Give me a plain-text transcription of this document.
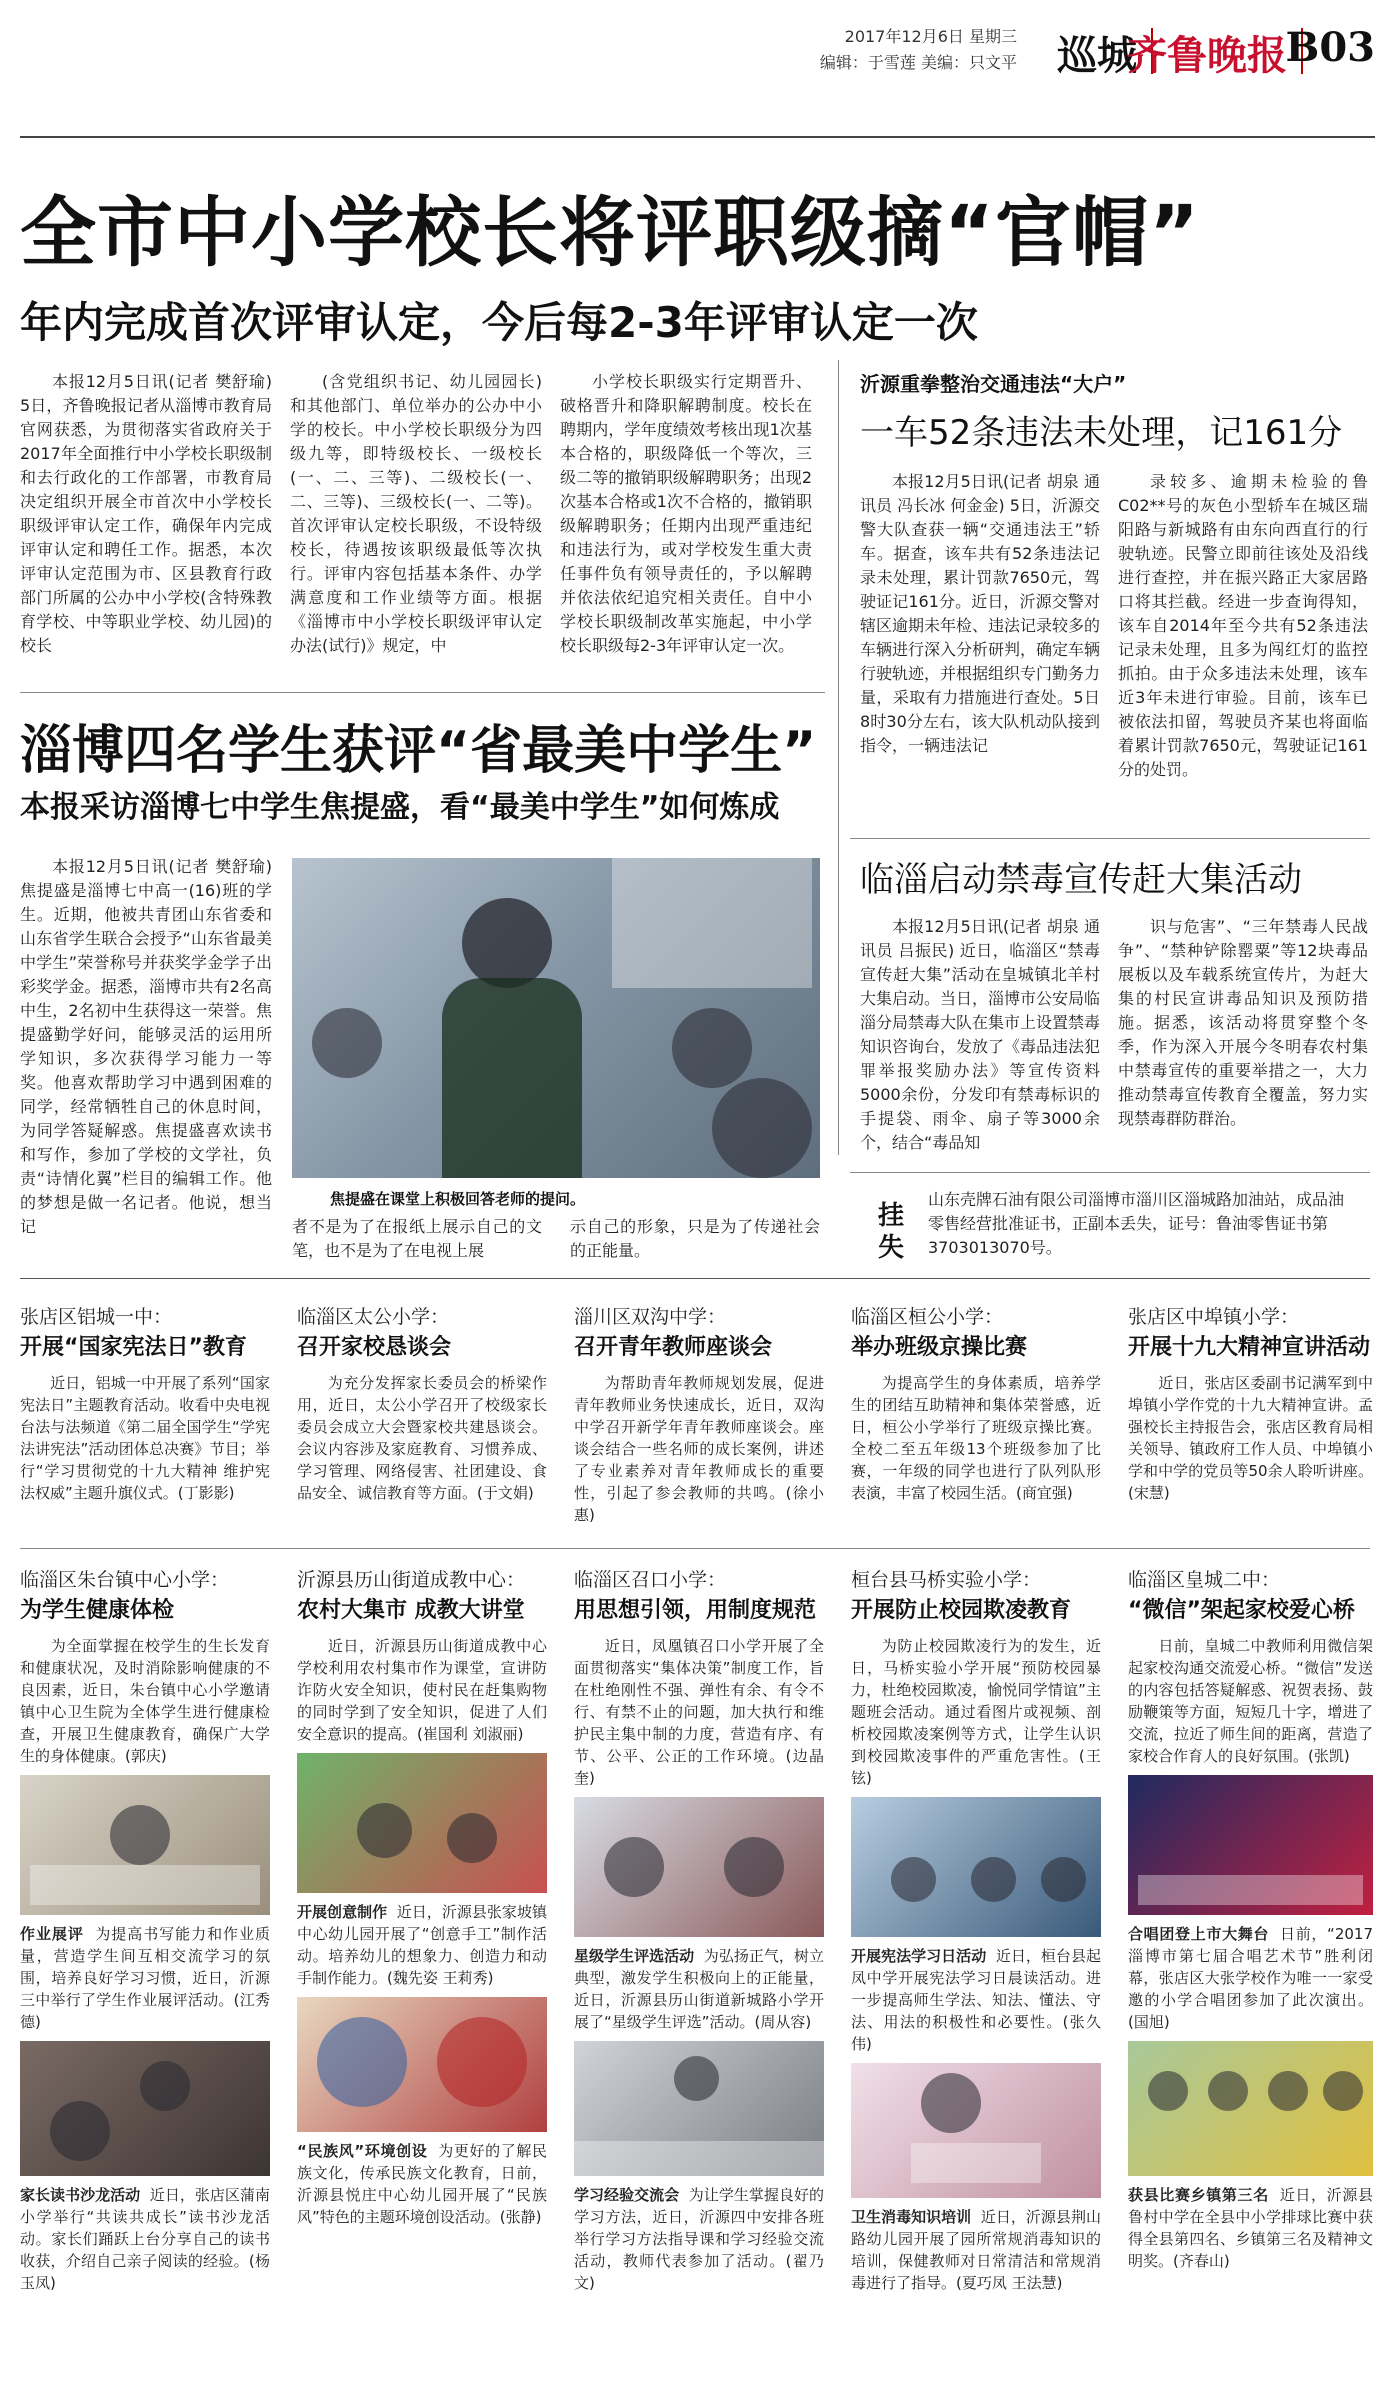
2017年12月6日 星期三
编辑：于雪莲 美编：只文平 巡城
齐鲁晚报
B03
全市中小学校长将评职级摘“官帽”
年内完成首次评审认定，今后每2-3年评审认定一次

本报12月5日讯(记者 樊舒瑜) 5日，齐鲁晚报记者从淄博市教育局官网获悉，为贯彻落实省政府关于2017年全面推行中小学校长职级制和去行政化的工作部署，市教育局决定组织开展全市首次中小学校长职级评审认定工作，确保年内完成评审认定和聘任工作。据悉，本次评审认定范围为市、区县教育行政部门所属的公办中小学校(含特殊教育学校、中等职业学校、幼儿园)的校长

(含党组织书记、幼儿园园长)和其他部门、单位举办的公办中小学的校长。中小学校长职级分为四级九等，即特级校长、一级校长(一、二、三等)、二级校长(一、二、三等)、三级校长(一、二等)。首次评审认定校长职级，不设特级校长，待遇按该职级最低等次执行。评审内容包括基本条件、办学满意度和工作业绩等方面。根据《淄博市中小学校长职级评审认定办法(试行)》规定，中

小学校长职级实行定期晋升、破格晋升和降职解聘制度。校长在聘期内，学年度绩效考核出现1次基本合格的，职级降低一个等次，三级二等的撤销职级解聘职务；出现2次基本合格或1次不合格的，撤销职级解聘职务；任期内出现严重违纪和违法行为，或对学校发生重大责任事件负有领导责任的，予以解聘并依法依纪追究相关责任。自中小学校长职级制改革实施起，中小学校长职级每2-3年评审认定一次。

沂源重拳整治交通违法“大户”
一车52条违法未处理，记161分

本报12月5日讯(记者 胡泉 通讯员 冯长冰 何金金) 5日，沂源交警大队查获一辆“交通违法王”轿车。据查，该车共有52条违法记录未处理，累计罚款7650元，驾驶证记161分。近日，沂源交警对辖区逾期未年检、违法记录较多的车辆进行深入分析研判，确定车辆行驶轨迹，并根据组织专门勤务力量，采取有力措施进行查处。5日8时30分左右，该大队机动队接到指令，一辆违法记

录较多、逾期未检验的鲁C02**号的灰色小型轿车在城区瑞阳路与新城路有由东向西直行的行驶轨迹。民警立即前往该处及沿线进行查控，并在振兴路正大家居路口将其拦截。经进一步查询得知，该车自2014年至今共有52条违法记录未处理，且多为闯红灯的监控抓拍。由于众多违法未处理，该车近3年未进行审验。目前，该车已被依法扣留，驾驶员齐某也将面临着累计罚款7650元，驾驶证记161分的处罚。

淄博四名学生获评“省最美中学生”
本报采访淄博七中学生焦提盛，看“最美中学生”如何炼成

本报12月5日讯(记者 樊舒瑜) 焦提盛是淄博七中高一(16)班的学生。近期，他被共青团山东省委和山东省学生联合会授予“山东省最美中学生”荣誉称号并获奖学金学子出彩奖学金。据悉，淄博市共有2名高中生，2名初中生获得这一荣誉。焦提盛勤学好问，能够灵活的运用所学知识，多次获得学习能力一等奖。他喜欢帮助学习中遇到困难的同学，经常牺牲自己的休息时间，为同学答疑解惑。焦提盛喜欢读书和写作，参加了学校的文学社，负责“诗情化翼”栏目的编辑工作。他的梦想是做一名记者。他说，想当记

焦提盛在课堂上积极回答老师的提问。

者不是为了在报纸上展示自己的文笔，也不是为了在电视上展

示自己的形象，只是为了传递社会的正能量。

临淄启动禁毒宣传赶大集活动

本报12月5日讯(记者 胡泉 通讯员 吕振民) 近日，临淄区“禁毒宣传赶大集”活动在皇城镇北羊村大集启动。当日，淄博市公安局临淄分局禁毒大队在集市上设置禁毒知识咨询台，发放了《毒品违法犯罪举报奖励办法》等宣传资料5000余份，分发印有禁毒标识的手提袋、雨伞、扇子等3000余个，结合“毒品知

识与危害”、“三年禁毒人民战争”、“禁种铲除罂粟”等12块毒品展板以及车载系统宣传片，为赶大集的村民宣讲毒品知识及预防措施。据悉，该活动将贯穿整个冬季，作为深入开展今冬明春农村集中禁毒宣传的重要举措之一，大力推动禁毒宣传教育全覆盖，努力实现禁毒群防群治。

挂失
山东壳牌石油有限公司淄博市淄川区淄城路加油站，成品油零售经营批准证书，正副本丢失，证号：鲁油零售证书第3703013070号。
张店区铝城一中：
开展“国家宪法日”教育
近日，铝城一中开展了系列“国家宪法日”主题教育活动。收看中央电视台法与法频道《第二届全国学生“学宪法讲宪法”活动团体总决赛》节目；举行“学习贯彻党的十九大精神 维护宪法权威”主题升旗仪式。(丁影影)
临淄区太公小学：
召开家校恳谈会
为充分发挥家长委员会的桥梁作用，近日，太公小学召开了校级家长委员会成立大会暨家校共建恳谈会。会议内容涉及家庭教育、习惯养成、学习管理、网络侵害、社团建设、食品安全、诚信教育等方面。(于文娟)
淄川区双沟中学：
召开青年教师座谈会
为帮助青年教师规划发展，促进青年教师业务快速成长，近日，双沟中学召开新学年青年教师座谈会。座谈会结合一些名师的成长案例，讲述了专业素养对青年教师成长的重要性，引起了参会教师的共鸣。(徐小惠)
临淄区桓公小学：
举办班级京操比赛
为提高学生的身体素质，培养学生的团结互助精神和集体荣誉感，近日，桓公小学举行了班级京操比赛。全校二至五年级13个班级参加了比赛，一年级的同学也进行了队列队形表演，丰富了校园生活。(商宜强)
张店区中埠镇小学：
开展十九大精神宣讲活动
近日，张店区委副书记满军到中埠镇小学作党的十九大精神宣讲。孟强校长主持报告会，张店区教育局相关领导、镇政府工作人员、中埠镇小学和中学的党员等50余人聆听讲座。(宋慧)
临淄区朱台镇中心小学：
为学生健康体检
为全面掌握在校学生的生长发育和健康状况，及时消除影响健康的不良因素，近日，朱台镇中心小学邀请镇中心卫生院为全体学生进行健康检查，开展卫生健康教育，确保广大学生的身体健康。(郭庆)
作业展评 为提高书写能力和作业质量，营造学生间互相交流学习的氛围，培养良好学习习惯，近日，沂源三中举行了学生作业展评活动。(江秀德)
家长读书沙龙活动 近日，张店区蒲南小学举行“共读共成长”读书沙龙活动。家长们踊跃上台分享自己的读书收获，介绍自己亲子阅读的经验。(杨玉凤)
沂源县历山街道成教中心：
农村大集市 成教大讲堂
近日，沂源县历山街道成教中心学校利用农村集市作为课堂，宣讲防诈防火安全知识，使村民在赶集购物的同时学到了安全知识，促进了人们安全意识的提高。(崔国利 刘淑丽)
开展创意制作 近日，沂源县张家坡镇中心幼儿园开展了“创意手工”制作活动。培养幼儿的想象力、创造力和动手制作能力。(魏先姿 王莉秀)
“民族风”环境创设 为更好的了解民族文化，传承民族文化教育，日前，沂源县悦庄中心幼儿园开展了“民族风”特色的主题环境创设活动。(张静)
临淄区召口小学：
用思想引领，用制度规范
近日，凤凰镇召口小学开展了全面贯彻落实“集体决策”制度工作，旨在杜绝刚性不强、弹性有余、有令不行、有禁不止的问题，加大执行和维护民主集中制的力度，营造有序、有节、公平、公正的工作环境。(边晶奎)
星级学生评选活动 为弘扬正气，树立典型，激发学生积极向上的正能量，近日，沂源县历山街道新城路小学开展了“星级学生评选”活动。(周从容)
学习经验交流会 为让学生掌握良好的学习方法，近日，沂源四中安排各班举行学习方法指导课和学习经验交流活动，教师代表参加了活动。(翟乃文)
桓台县马桥实验小学：
开展防止校园欺凌教育
为防止校园欺凌行为的发生，近日，马桥实验小学开展“预防校园暴力，杜绝校园欺凌，愉悦同学情谊”主题班会活动。通过看图片或视频、剖析校园欺凌案例等方式，让学生认识到校园欺凌事件的严重危害性。(王铉)
开展宪法学习日活动 近日，桓台县起凤中学开展宪法学习日晨读活动。进一步提高师生学法、知法、懂法、守法、用法的积极性和必要性。(张久伟)
卫生消毒知识培训 近日，沂源县荆山路幼儿园开展了园所常规消毒知识的培训，保健教师对日常清洁和常规消毒进行了指导。(夏巧凤 王法慧)
临淄区皇城二中：
“微信”架起家校爱心桥
日前，皇城二中教师利用微信架起家校沟通交流爱心桥。“微信”发送的内容包括答疑解惑、祝贺表扬、鼓励鞭策等方面，短短几十字，增进了交流，拉近了师生间的距离，营造了家校合作育人的良好氛围。(张凯)
合唱团登上市大舞台 日前，“2017淄博市第七届合唱艺术节”胜利闭幕，张店区大张学校作为唯一一家受邀的小学合唱团参加了此次演出。(国旭)
获县比赛乡镇第三名 近日，沂源县鲁村中学在全县中小学排球比赛中获得全县第四名、乡镇第三名及精神文明奖。(齐春山)
